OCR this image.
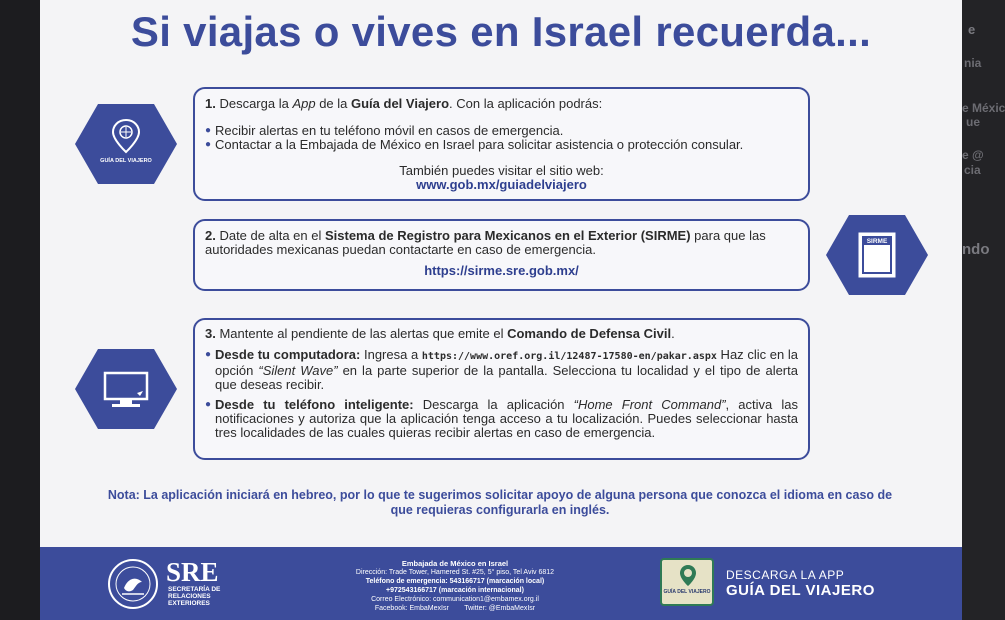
e
nia
e Méxic
ue
e @
cia
ndo
Si viajas o vives en Israel recuerda...
GUÍA DEL VIAJERO
SIRME
1. Descarga la App de la Guía del Viajero. Con la aplicación podrás:
● Recibir alertas en tu teléfono móvil en casos de emergencia.
● Contactar a la Embajada de México en Israel para solicitar asistencia o protección consular.
También puedes visitar el sitio web:
www.gob.mx/guiadelviajero
2. Date de alta en el Sistema de Registro para Mexicanos en el Exterior (SIRME) para que las autoridades mexicanas puedan contactarte en caso de emergencia.
https://sirme.sre.gob.mx/
3. Mantente al pendiente de las alertas que emite el Comando de Defensa Civil.
● Desde tu computadora: Ingresa a https://www.oref.org.il/12487-17580-en/pakar.aspx Haz clic en la opción “Silent Wave” en la parte superior de la pantalla. Selecciona tu localidad y el tipo de alerta que deseas recibir.
● Desde tu teléfono inteligente: Descarga la aplicación “Home Front Command”, activa las notificaciones y autoriza que la aplicación tenga acceso a tu localización. Puedes seleccionar hasta tres localidades de las cuales quieras recibir alertas en caso de emergencia.
Nota: La aplicación iniciará en hebreo, por lo que te sugerimos solicitar apoyo de alguna persona que conozca el idioma en caso de que requieras configurarla en inglés.
SRE
SECRETARÍA DE
RELACIONES
EXTERIORES
Embajada de México en Israel
Dirección: Trade Tower, Hamered St. #25, 5° piso, Tel Aviv 6812
Teléfono de emergencia: 543166717 (marcación local)
+972543166717 (marcación internacional)
Correo Electrónico: communication1@embamex.org.il
Facebook: EmbaMexIsr        Twitter: @EmbaMexIsr
GUÍA DEL VIAJERO
DESCARGA LA APP
GUÍA DEL VIAJERO
